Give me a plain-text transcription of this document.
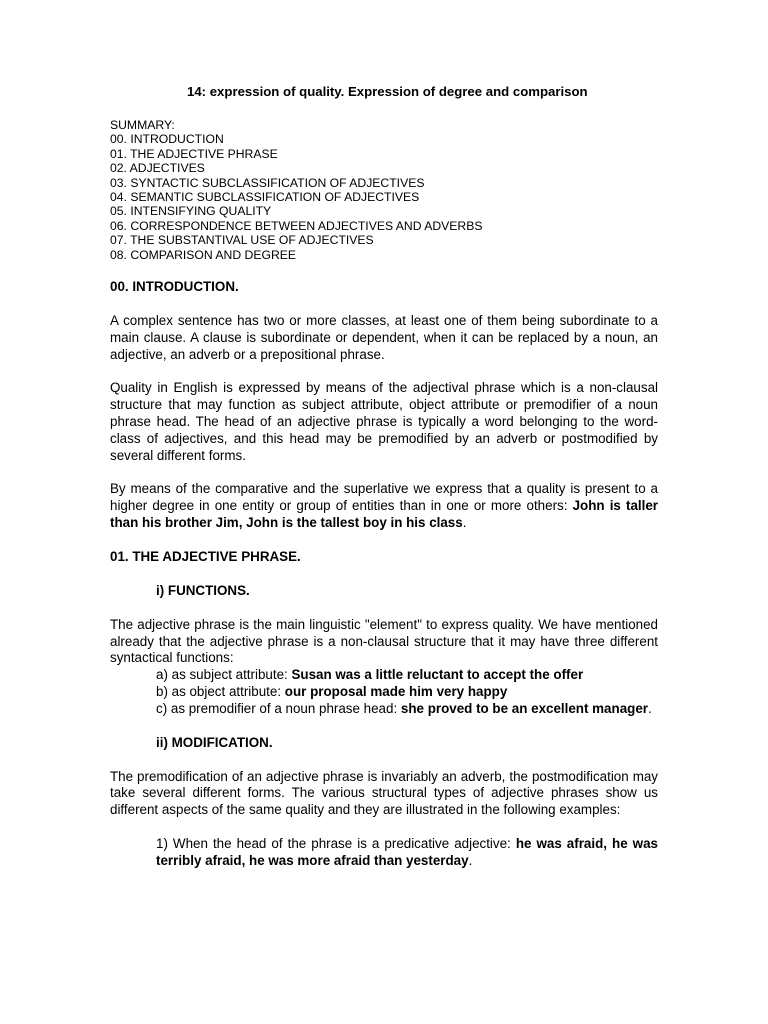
14: expression of quality. Expression of degree and comparison
SUMMARY:
00. INTRODUCTION
01. THE ADJECTIVE PHRASE
02. ADJECTIVES
03. SYNTACTIC SUBCLASSIFICATION OF ADJECTIVES
04. SEMANTIC SUBCLASSIFICATION OF ADJECTIVES
05. INTENSIFYING QUALITY
06. CORRESPONDENCE BETWEEN ADJECTIVES AND ADVERBS
07. THE SUBSTANTIVAL USE OF ADJECTIVES
08. COMPARISON AND DEGREE
00. INTRODUCTION.

A complex sentence has two or more classes, at least one of them being subordinate to a main clause. A clause is subordinate or dependent, when it can be replaced by a noun, an adjective, an adverb or a prepositional phrase.

Quality in English is expressed by means of the adjectival phrase which is a non-clausal structure that may function as subject attribute, object attribute or premodifier of a noun phrase head. The head of an adjective phrase is typically a word belonging to the word-class of adjectives, and this head may be premodified by an adverb or postmodified by several different forms.

By means of the comparative and the superlative we express that a quality is present to a higher degree in one entity or group of entities than in one or more others: John is taller than his brother Jim, John is the tallest boy in his class.

01. THE ADJECTIVE PHRASE.
i) FUNCTIONS.

The adjective phrase is the main linguistic "element" to express quality. We have mentioned already that the adjective phrase is a non-clausal structure that it may have three different syntactical functions:

a) as subject attribute: Susan was a little reluctant to accept the offer
b) as object attribute: our proposal made him very happy
c) as premodifier of a noun phrase head: she proved to be an excellent manager.
ii) MODIFICATION.

The premodification of an adjective phrase is invariably an adverb, the postmodification may take several different forms. The various structural types of adjective phrases show us different aspects of the same quality and they are illustrated in the following examples:

1) When the head of the phrase is a predicative adjective: he was afraid, he was terribly afraid, he was more afraid than yesterday.
